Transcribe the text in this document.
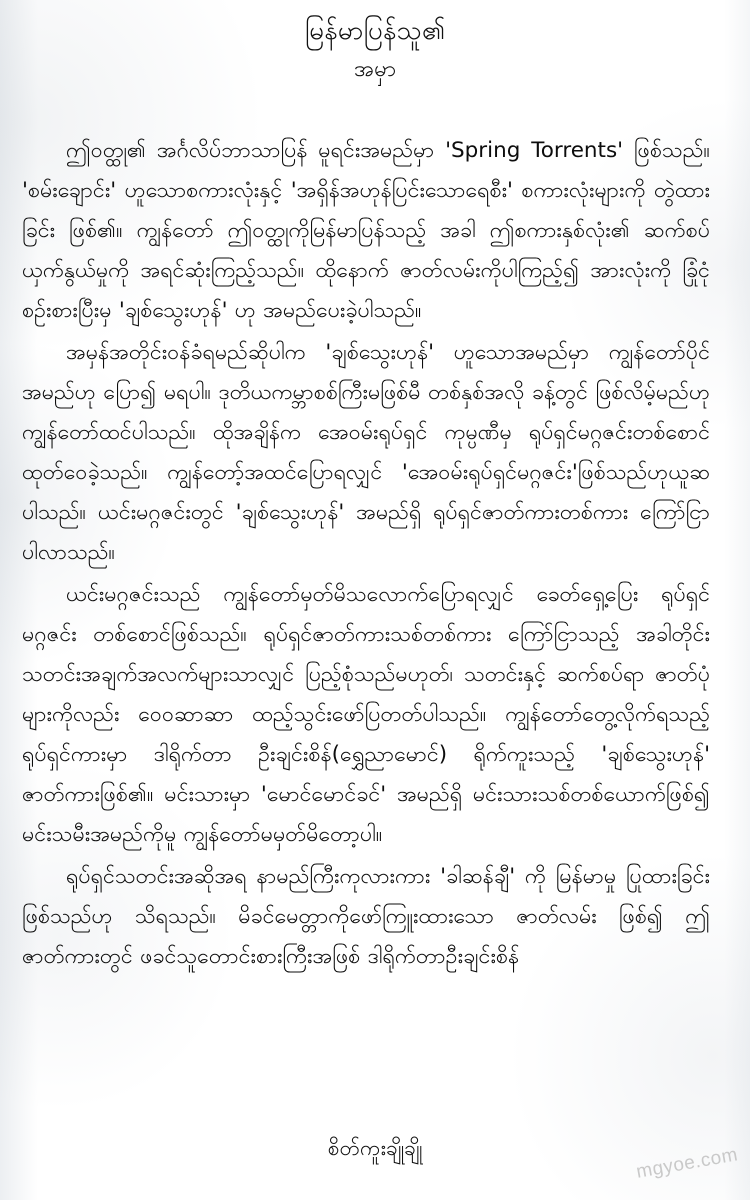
မြန်မာပြန်သူ၏
အမှာ

ဤဝတ္ထု၏ အင်္ဂလိပ်ဘာသာပြန် မူရင်းအမည်မှာ 'Spring Torrents' ဖြစ်သည်။ 'စမ်းချောင်း' ဟူသောစကားလုံးနှင့် 'အရှိန်အဟုန်ပြင်းသောရေစီး' စကားလုံးများကို တွဲထားခြင်း ဖြစ်၏။ ကျွန်တော် ဤဝတ္ထုကိုမြန်မာပြန်သည့် အခါ ဤစကားနှစ်လုံး၏ ဆက်စပ်ယှက်နွယ်မှုကို အရင်ဆုံးကြည့်သည်။ ထိုနောက် ဇာတ်လမ်းကိုပါကြည့်၍ အားလုံးကို ခြုံငုံစဉ်းစားပြီးမှ 'ချစ်သွေးဟုန်' ဟု အမည်ပေးခဲ့ပါသည်။

အမှန်အတိုင်းဝန်ခံရမည်ဆိုပါက 'ချစ်သွေးဟုန်' ဟူသောအမည်မှာ ကျွန်တော်ပိုင်အမည်ဟု ပြော၍ မရပါ။ ဒုတိယကမ္ဘာစစ်ကြီးမဖြစ်မီ တစ်နှစ်အလို ခန့်တွင် ဖြစ်လိမ့်မည်ဟု ကျွန်တော်ထင်ပါသည်။ ထိုအချိန်က အေဝမ်းရုပ်ရှင် ကုမ္ပဏီမှ ရုပ်ရှင်မဂ္ဂဇင်းတစ်စောင် ထုတ်ဝေခဲ့သည်။ ကျွန်တော့်အထင်ပြောရလျှင် 'အေဝမ်းရုပ်ရှင်မဂ္ဂဇင်း'ဖြစ်သည်ဟုယူဆပါသည်။ ယင်းမဂ္ဂဇင်းတွင် 'ချစ်သွေးဟုန်' အမည်ရှိ ရုပ်ရှင်ဇာတ်ကားတစ်ကား ကြော်ငြာပါလာသည်။

ယင်းမဂ္ဂဇင်းသည် ကျွန်တော်မှတ်မိသလောက်ပြောရလျှင် ခေတ်ရှေ့ပြေး ရုပ်ရှင်မဂ္ဂဇင်း တစ်စောင်ဖြစ်သည်။ ရုပ်ရှင်ဇာတ်ကားသစ်တစ်ကား ကြော်ငြာသည့် အခါတိုင်း သတင်းအချက်အလက်များသာလျှင် ပြည့်စုံသည်မဟုတ်၊ သတင်းနှင့် ဆက်စပ်ရာ ဇာတ်ပုံများကိုလည်း ဝေဝဆာဆာ ထည့်သွင်းဖော်ပြတတ်ပါသည်။ ကျွန်တော်တွေ့လိုက်ရသည့် ရုပ်ရှင်ကားမှာ ဒါရိုက်တာ ဦးချင်းစိန်(ရွှေညာမောင်) ရိုက်ကူးသည့် 'ချစ်သွေးဟုန်' ဇာတ်ကားဖြစ်၏။ မင်းသားမှာ 'မောင်မောင်ခင်' အမည်ရှိ မင်းသားသစ်တစ်ယောက်ဖြစ်၍ မင်းသမီးအမည်ကိုမူ ကျွန်တော်မမှတ်မိတော့ပါ။

ရုပ်ရှင်သတင်းအဆိုအရ နာမည်ကြီးကုလားကား 'ခါဆန်ချီ' ကို မြန်မာမှု ပြုထားခြင်းဖြစ်သည်ဟု သိရသည်။ မိခင်မေတ္တာကိုဖော်ကြူးထားသော ဇာတ်လမ်း ဖြစ်၍ ဤဇာတ်ကားတွင် ဖခင်သူတောင်းစားကြီးအဖြစ် ဒါရိုက်တာဦးချင်းစိန်

စိတ်ကူးချိုချို	mgyoe.com
